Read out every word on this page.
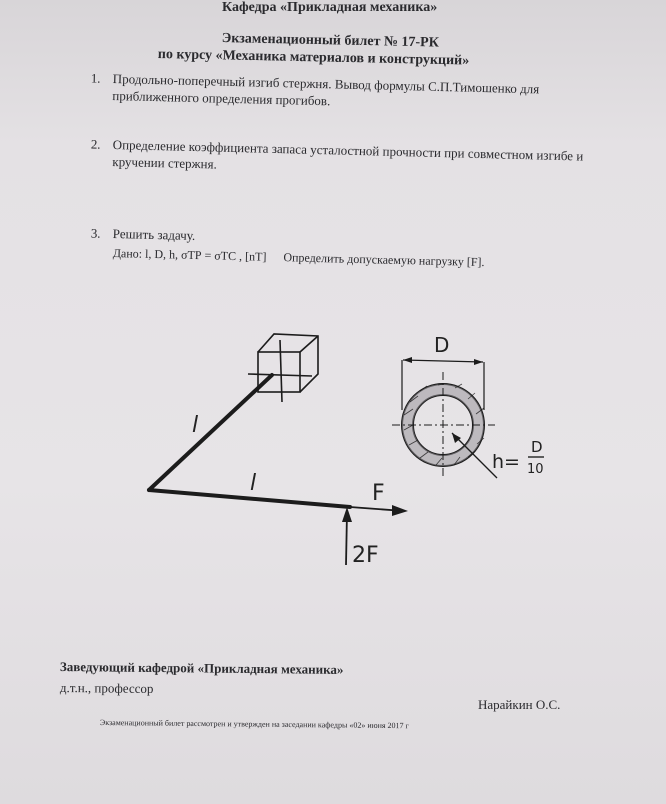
Кафедра «Прикладная механика»
Экзаменационный билет № 17-РК
по курсу «Механика материалов и конструкций»
1. Продольно-поперечный изгиб стержня. Вывод формулы С.П.Тимошенко для приближенного определения прогибов.
2. Определение коэффициента запаса усталостной прочности при совместном изгибе и кручении стержня.
3. Решить задачу.
Дано: l, D, h, σТР = σТС , [nТ] Определить допускаемую нагрузку [F].
l
l	F
2F
D
h=
D
10
Заведующий кафедрой «Прикладная механика»
д.т.н., профессор
Нарайкин О.С.
Экзаменационный билет рассмотрен и утвержден на заседании кафедры «02» июня 2017 г
